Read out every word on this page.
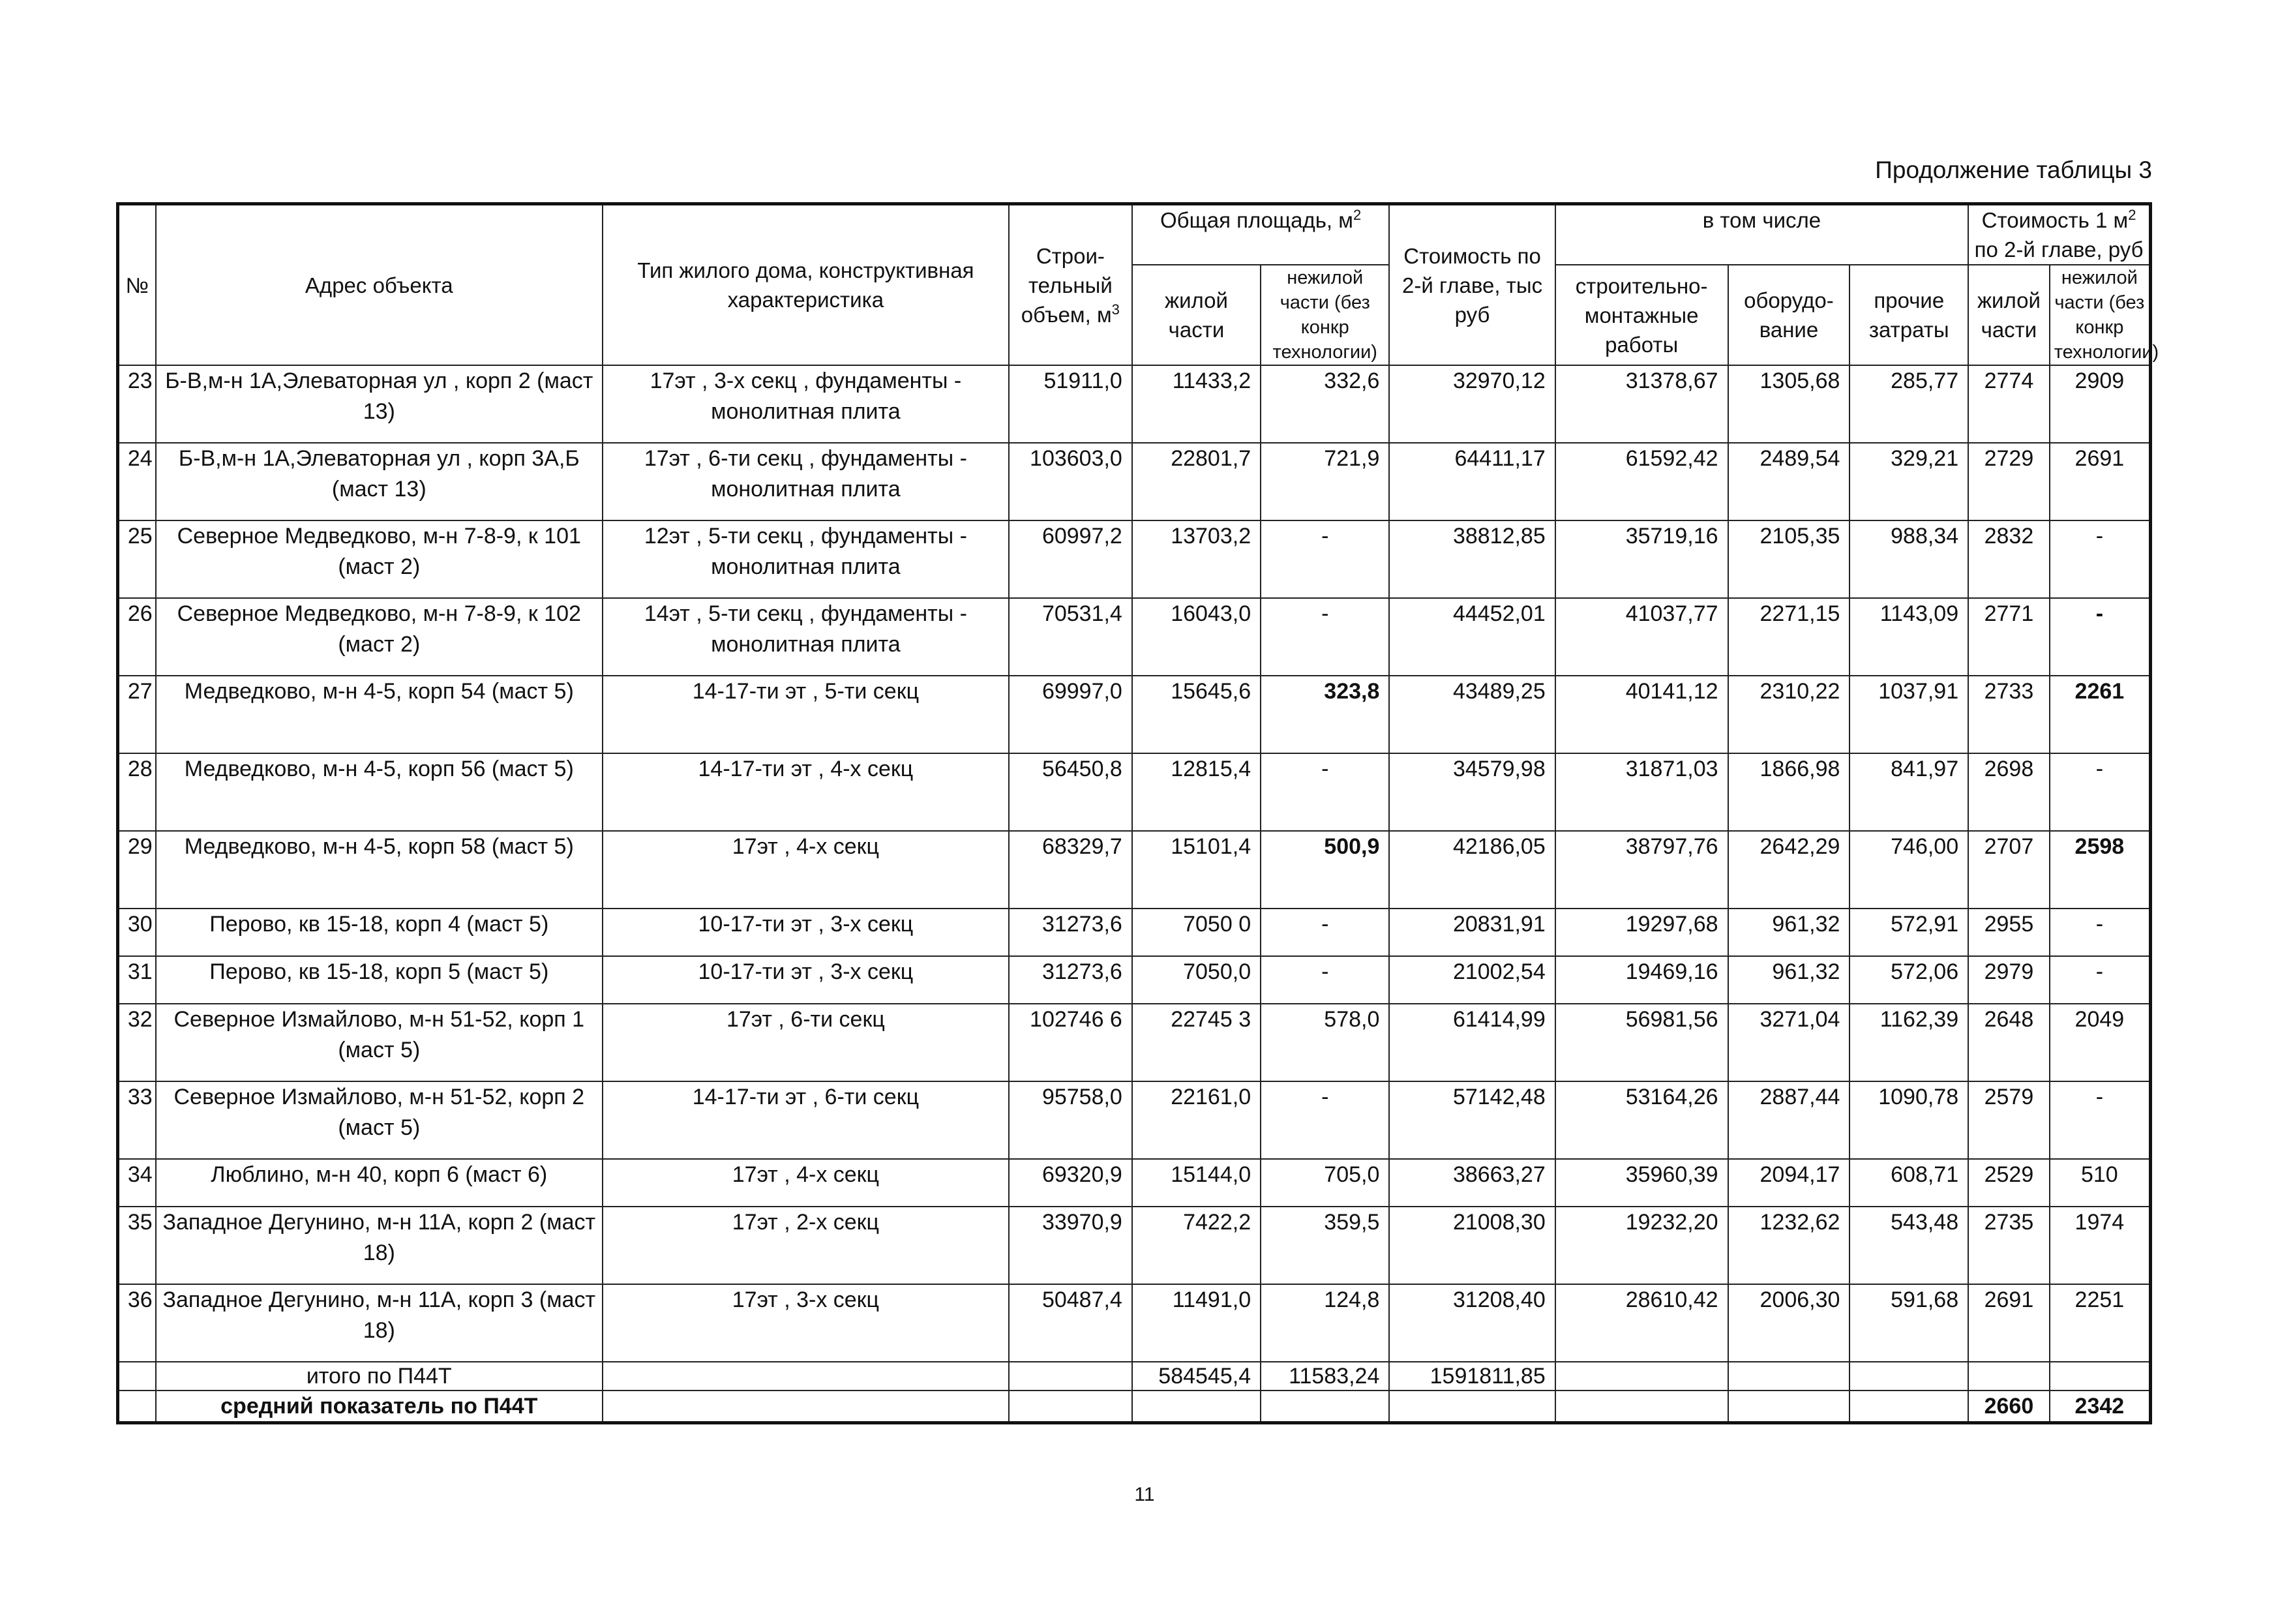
Продолжение таблицы 3
№	Адрес объекта	Тип жилого дома, конструктивная характеристика	Строи- тельный объем, $м^3$	Общая площадь, $м^2$		Стоимость по 2-й главе, тыс руб	в том числе			Стоимость 1 $м^2$
по 2-й главе, руб	
				жилой части	нежилой части (без конкр технологии)		строительно- монтажные работы	оборудо- вание	прочие затраты	жилой части	нежилой части (без конкр технологии)

23	Б-В,м-н 1А,Элеваторная ул , корп 2 (маст 13)	17эт , 3-х секц , фундаменты - монолитная плита	51911,0	11433,2	332,6	32970,12	31378,67	1305,68	285,77	2774	2909
24	Б-В,м-н 1А,Элеваторная ул , корп 3А,Б (маст 13)	17эт , 6-ти секц , фундаменты - монолитная плита	103603,0	22801,7	721,9	64411,17	61592,42	2489,54	329,21	2729	2691
25	Северное Медведково, м-н 7-8-9, к 101 (маст 2)	12эт , 5-ти секц , фундаменты - монолитная плита	60997,2	13703,2	-	38812,85	35719,16	2105,35	988,34	2832	-
26	Северное Медведково, м-н 7-8-9, к 102 (маст 2)	14эт , 5-ти секц , фундаменты - монолитная плита	70531,4	16043,0	-	44452,01	41037,77	2271,15	1143,09	2771	-
27	Медведково, м-н 4-5, корп 54 (маст 5)	14-17-ти эт , 5-ти секц	69997,0	15645,6	323,8	43489,25	40141,12	2310,22	1037,91	2733	2261
28	Медведково, м-н 4-5, корп 56 (маст 5)	14-17-ти эт , 4-х секц	56450,8	12815,4	-	34579,98	31871,03	1866,98	841,97	2698	-
29	Медведково, м-н 4-5, корп 58 (маст 5)	17эт , 4-х секц	68329,7	15101,4	500,9	42186,05	38797,76	2642,29	746,00	2707	2598
30	Перово, кв 15-18, корп 4 (маст 5)	10-17-ти эт , 3-х секц	31273,6	7050 0	-	20831,91	19297,68	961,32	572,91	2955	-
31	Перово, кв 15-18, корп 5 (маст 5)	10-17-ти эт , 3-х секц	31273,6	7050,0	-	21002,54	19469,16	961,32	572,06	2979	-
32	Северное Измайлово, м-н 51-52, корп 1 (маст 5)	17эт , 6-ти секц	102746 6	22745 3	578,0	61414,99	56981,56	3271,04	1162,39	2648	2049
33	Северное Измайлово, м-н 51-52, корп 2 (маст 5)	14-17-ти эт , 6-ти секц	95758,0	22161,0	-	57142,48	53164,26	2887,44	1090,78	2579	-
34	Люблино, м-н 40, корп 6 (маст 6)	17эт , 4-х секц	69320,9	15144,0	705,0	38663,27	35960,39	2094,17	608,71	2529	510
35	Западное Дегунино, м-н 11А, корп 2 (маст 18)	17эт , 2-х секц	33970,9	7422,2	359,5	21008,30	19232,20	1232,62	543,48	2735	1974
36	Западное Дегунино, м-н 11А, корп 3 (маст 18)	17эт , 3-х секц	50487,4	11491,0	124,8	31208,40	28610,42	2006,30	591,68	2691	2251
	итого по П44Т			584545,4	11583,24	1591811,85					
	средний показатель по П44Т									2660	2342
11
